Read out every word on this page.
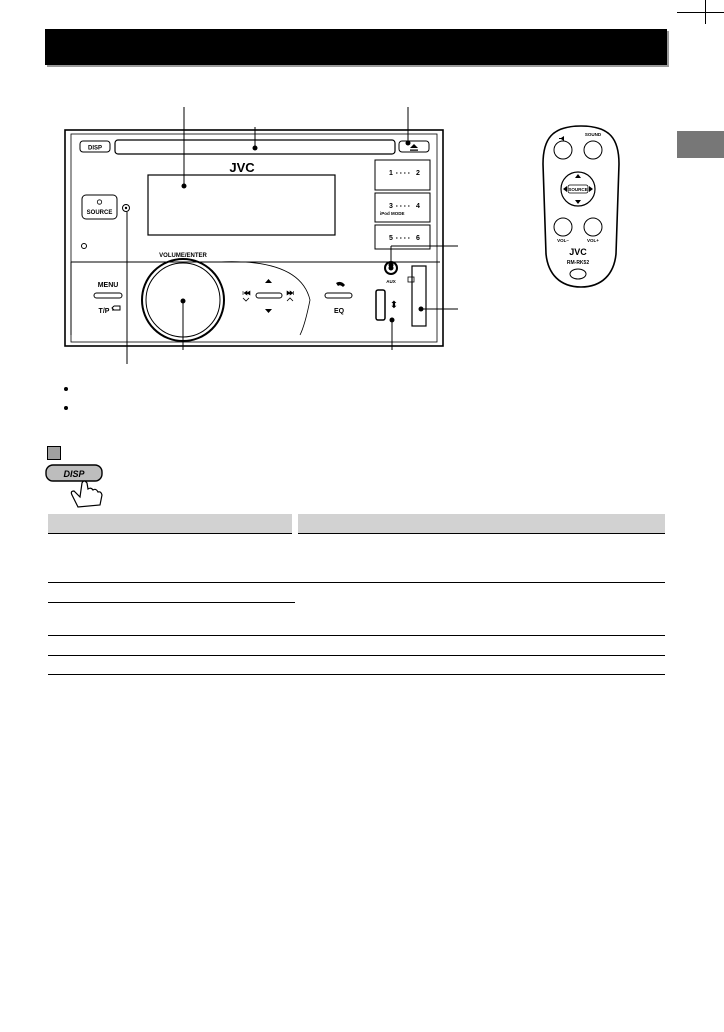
DISP
JVC
SOURCE
1	2
3	4
iPod MODE
5	6
MENU
T/P
VOLUME/ENTER
EQ
AUX
⬍
SOUND
SOURCE
VOL–	VOL+
JVC
RM-RK52
DISP
